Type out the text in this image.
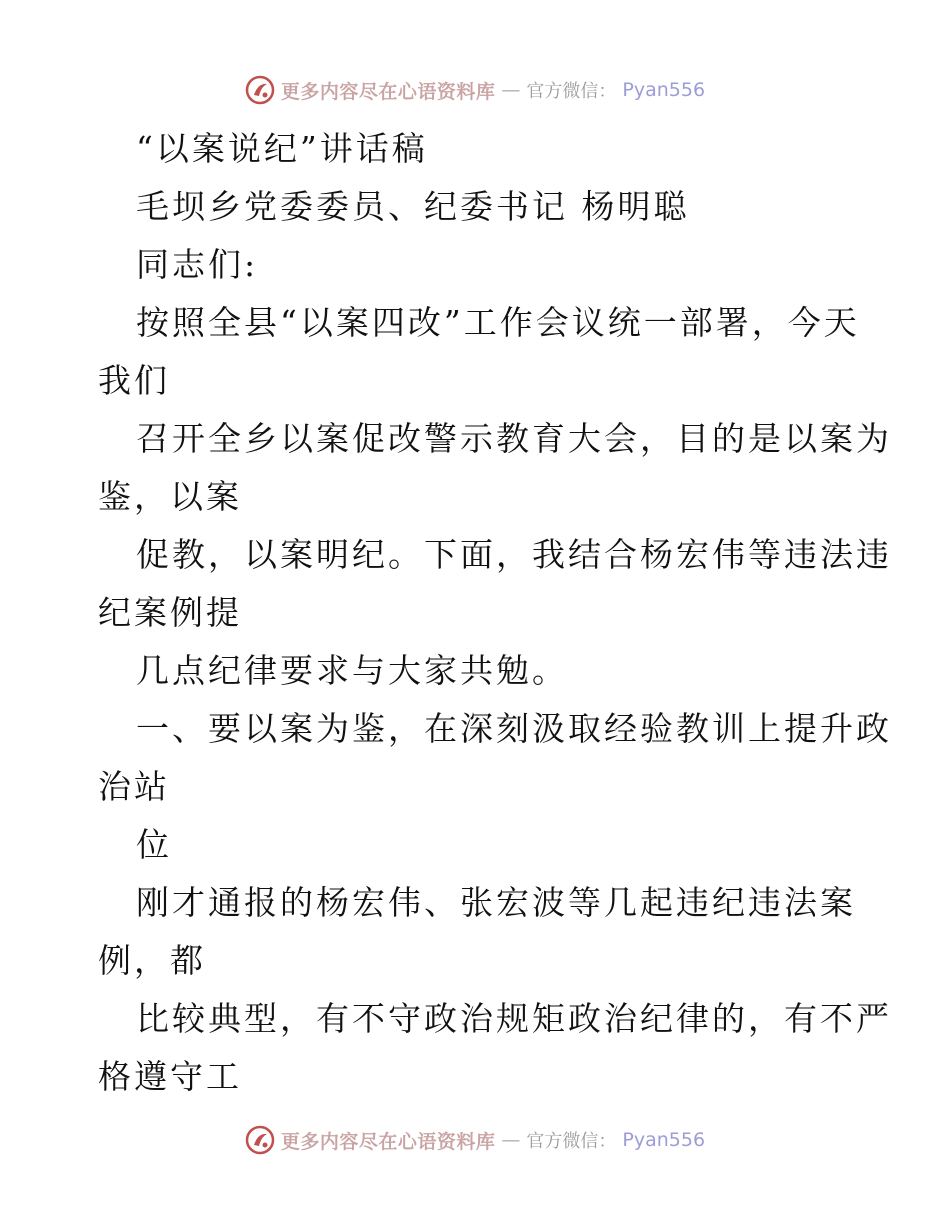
更多内容尽在心语资料库 — 官方微信： Pyan556
“以案说纪”讲话稿
毛坝乡党委委员、纪委书记 杨明聪
同志们:
按照全县“以案四改”工作会议统一部署，今天
我们
召开全乡以案促改警示教育大会，目的是以案为
鉴，以案
促教，以案明纪。下面，我结合杨宏伟等违法违
纪案例提
几点纪律要求与大家共勉。
一、要以案为鉴，在深刻汲取经验教训上提升政
治站
位
刚才通报的杨宏伟、张宏波等几起违纪违法案
例，都
比较典型，有不守政治规矩政治纪律的，有不严
格遵守工
更多内容尽在心语资料库 — 官方微信： Pyan556
